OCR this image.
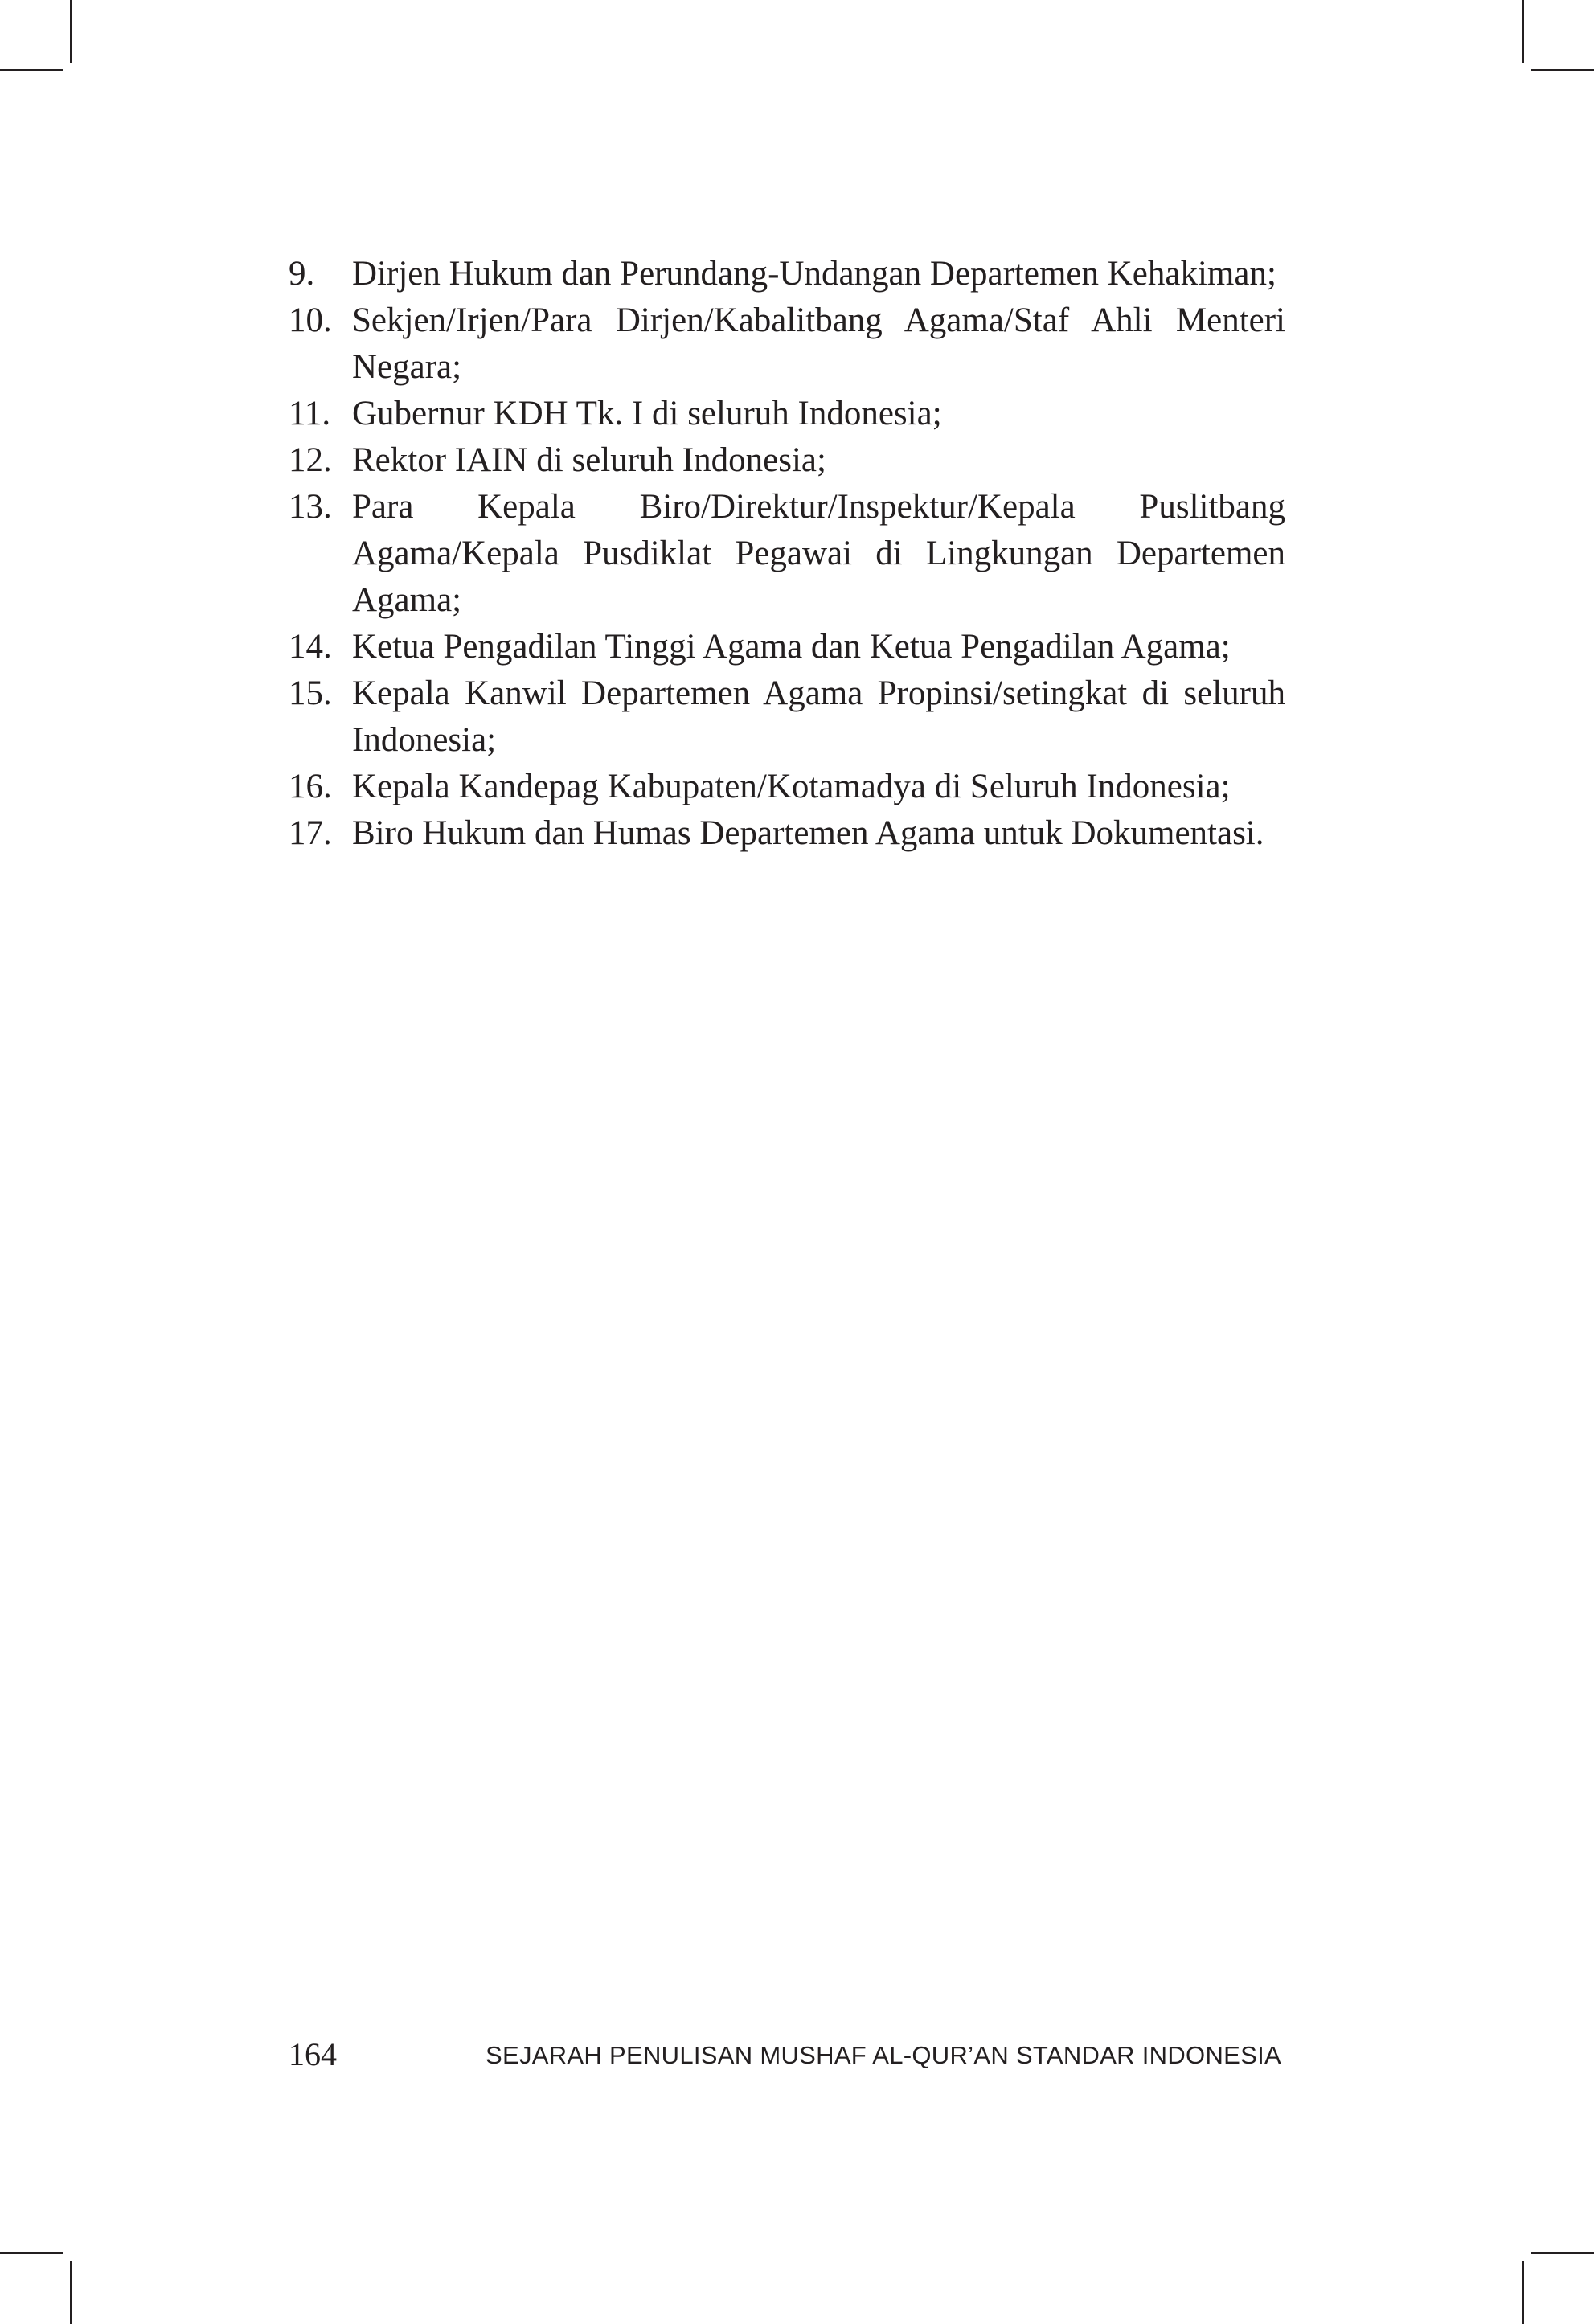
9.	Dirjen Hukum dan Perundang-Undangan Departemen Kehakiman;
10. Sekjen/Irjen/Para Dirjen/Kabalitbang Agama/Staf Ahli Menteri Negara;
11. Gubernur KDH Tk. I di seluruh Indonesia;
12. Rektor IAIN di seluruh Indonesia;
13. Para Kepala Biro/Direktur/Inspektur/Kepala Puslitbang Agama/Kepala Pusdiklat Pegawai di Lingkungan Departemen Agama;
14. Ketua Pengadilan Tinggi Agama dan Ketua Pengadilan Agama;
15. Kepala Kanwil Departemen Agama Propinsi/setingkat di seluruh Indonesia;
16. Kepala Kandepag Kabupaten/Kotamadya di Seluruh Indonesia;
17. Biro Hukum dan Humas Departemen Agama untuk Dokumentasi.
164	SEJARAH PENULISAN MUSHAF AL-QUR’AN STANDAR INDONESIA
